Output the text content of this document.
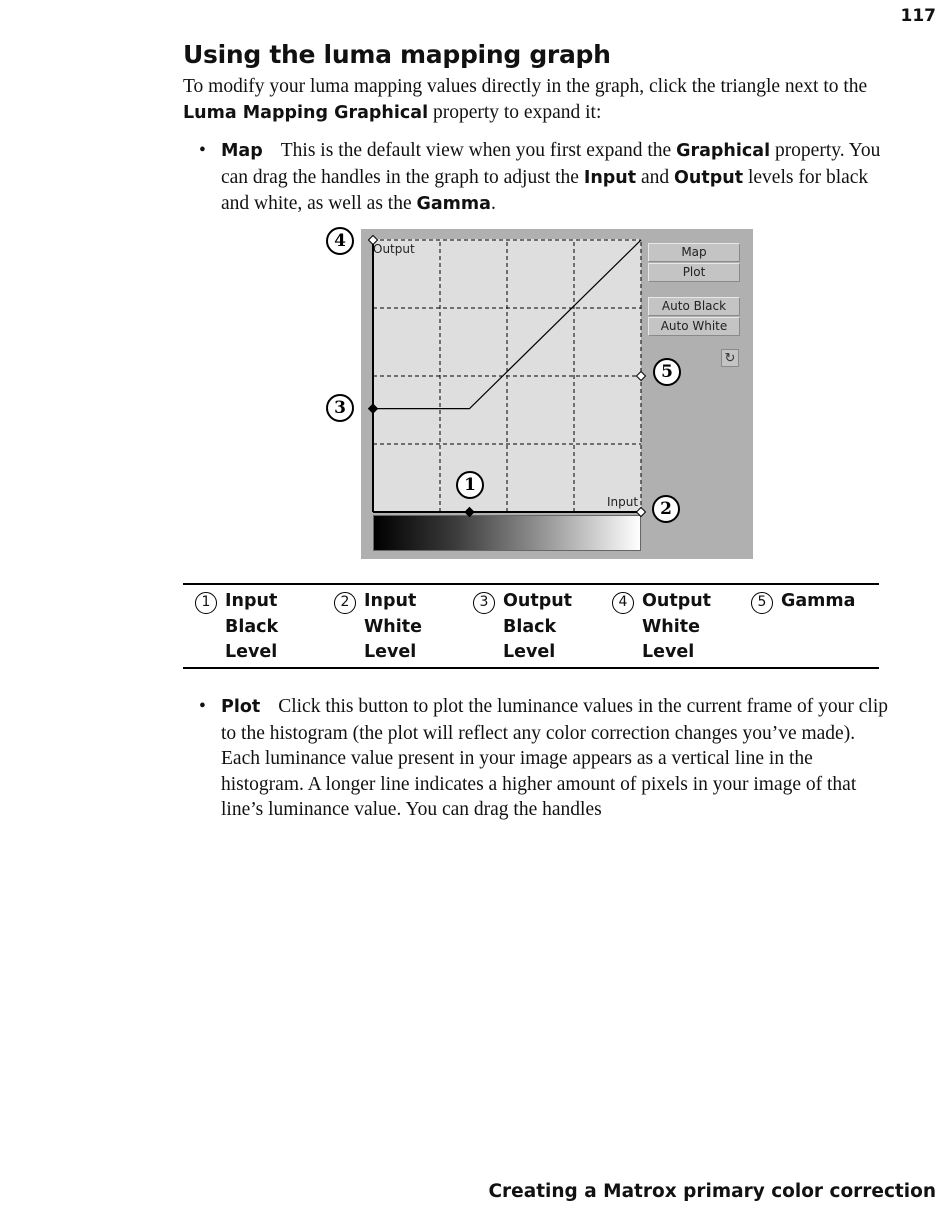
117
Using the luma mapping graph

To modify your luma mapping values directly in the graph, click the triangle next to the Luma Mapping Graphical property to expand it:

• Map This is the default view when you first expand the Graphical property. You can drag the handles in the graph to adjust the Input and Output levels for black and white, as well as the Gamma.
Map
Plot
Auto Black
Auto White
↻
Output
Input
4
3
5
1
2
1 Input Black Level
2 Input White Level
3 Output Black Level
4 Output White Level
5 Gamma
• Plot Click this button to plot the luminance values in the current frame of your clip to the histogram (the plot will reflect any color correction changes you’ve made). Each luminance value present in your image appears as a vertical line in the histogram. A longer line indicates a higher amount of pixels in your image of that line’s luminance value. You can drag the handles
Creating a Matrox primary color correction
